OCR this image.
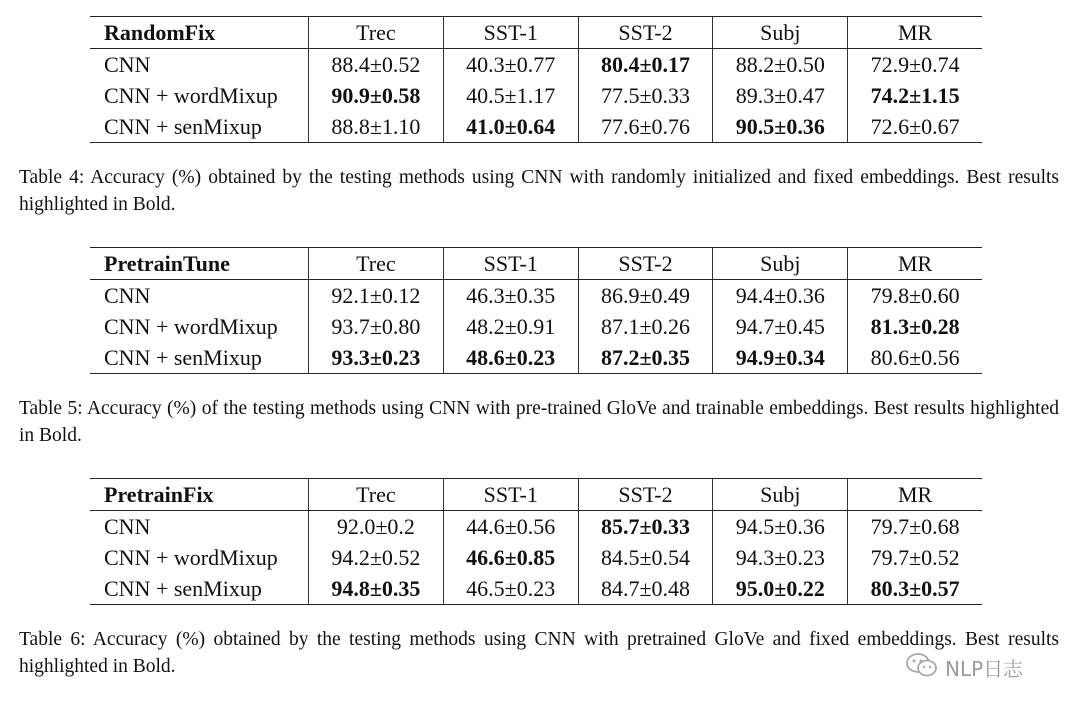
RandomFix	Trec	SST-1	SST-2	Subj	MR
CNN	88.4±0.52	40.3±0.77	80.4±0.17	88.2±0.50	72.9±0.74
CNN + wordMixup	90.9±0.58	40.5±1.17	77.5±0.33	89.3±0.47	74.2±1.15
CNN + senMixup	88.8±1.10	41.0±0.64	77.6±0.76	90.5±0.36	72.6±0.67
Table 4: Accuracy (%) obtained by the testing methods using CNN with randomly initialized and fixed embeddings. Best results highlighted in Bold.
PretrainTune	Trec	SST-1	SST-2	Subj	MR
CNN	92.1±0.12	46.3±0.35	86.9±0.49	94.4±0.36	79.8±0.60
CNN + wordMixup	93.7±0.80	48.2±0.91	87.1±0.26	94.7±0.45	81.3±0.28
CNN + senMixup	93.3±0.23	48.6±0.23	87.2±0.35	94.9±0.34	80.6±0.56
Table 5: Accuracy (%) of the testing methods using CNN with pre-trained GloVe and trainable embeddings. Best results highlighted in Bold.
PretrainFix	Trec	SST-1	SST-2	Subj	MR
CNN	92.0±0.2	44.6±0.56	85.7±0.33	94.5±0.36	79.7±0.68
CNN + wordMixup	94.2±0.52	46.6±0.85	84.5±0.54	94.3±0.23	79.7±0.52
CNN + senMixup	94.8±0.35	46.5±0.23	84.7±0.48	95.0±0.22	80.3±0.57
Table 6: Accuracy (%) obtained by the testing methods using CNN with pretrained GloVe and fixed embeddings. Best results highlighted in Bold.	NLP日志
